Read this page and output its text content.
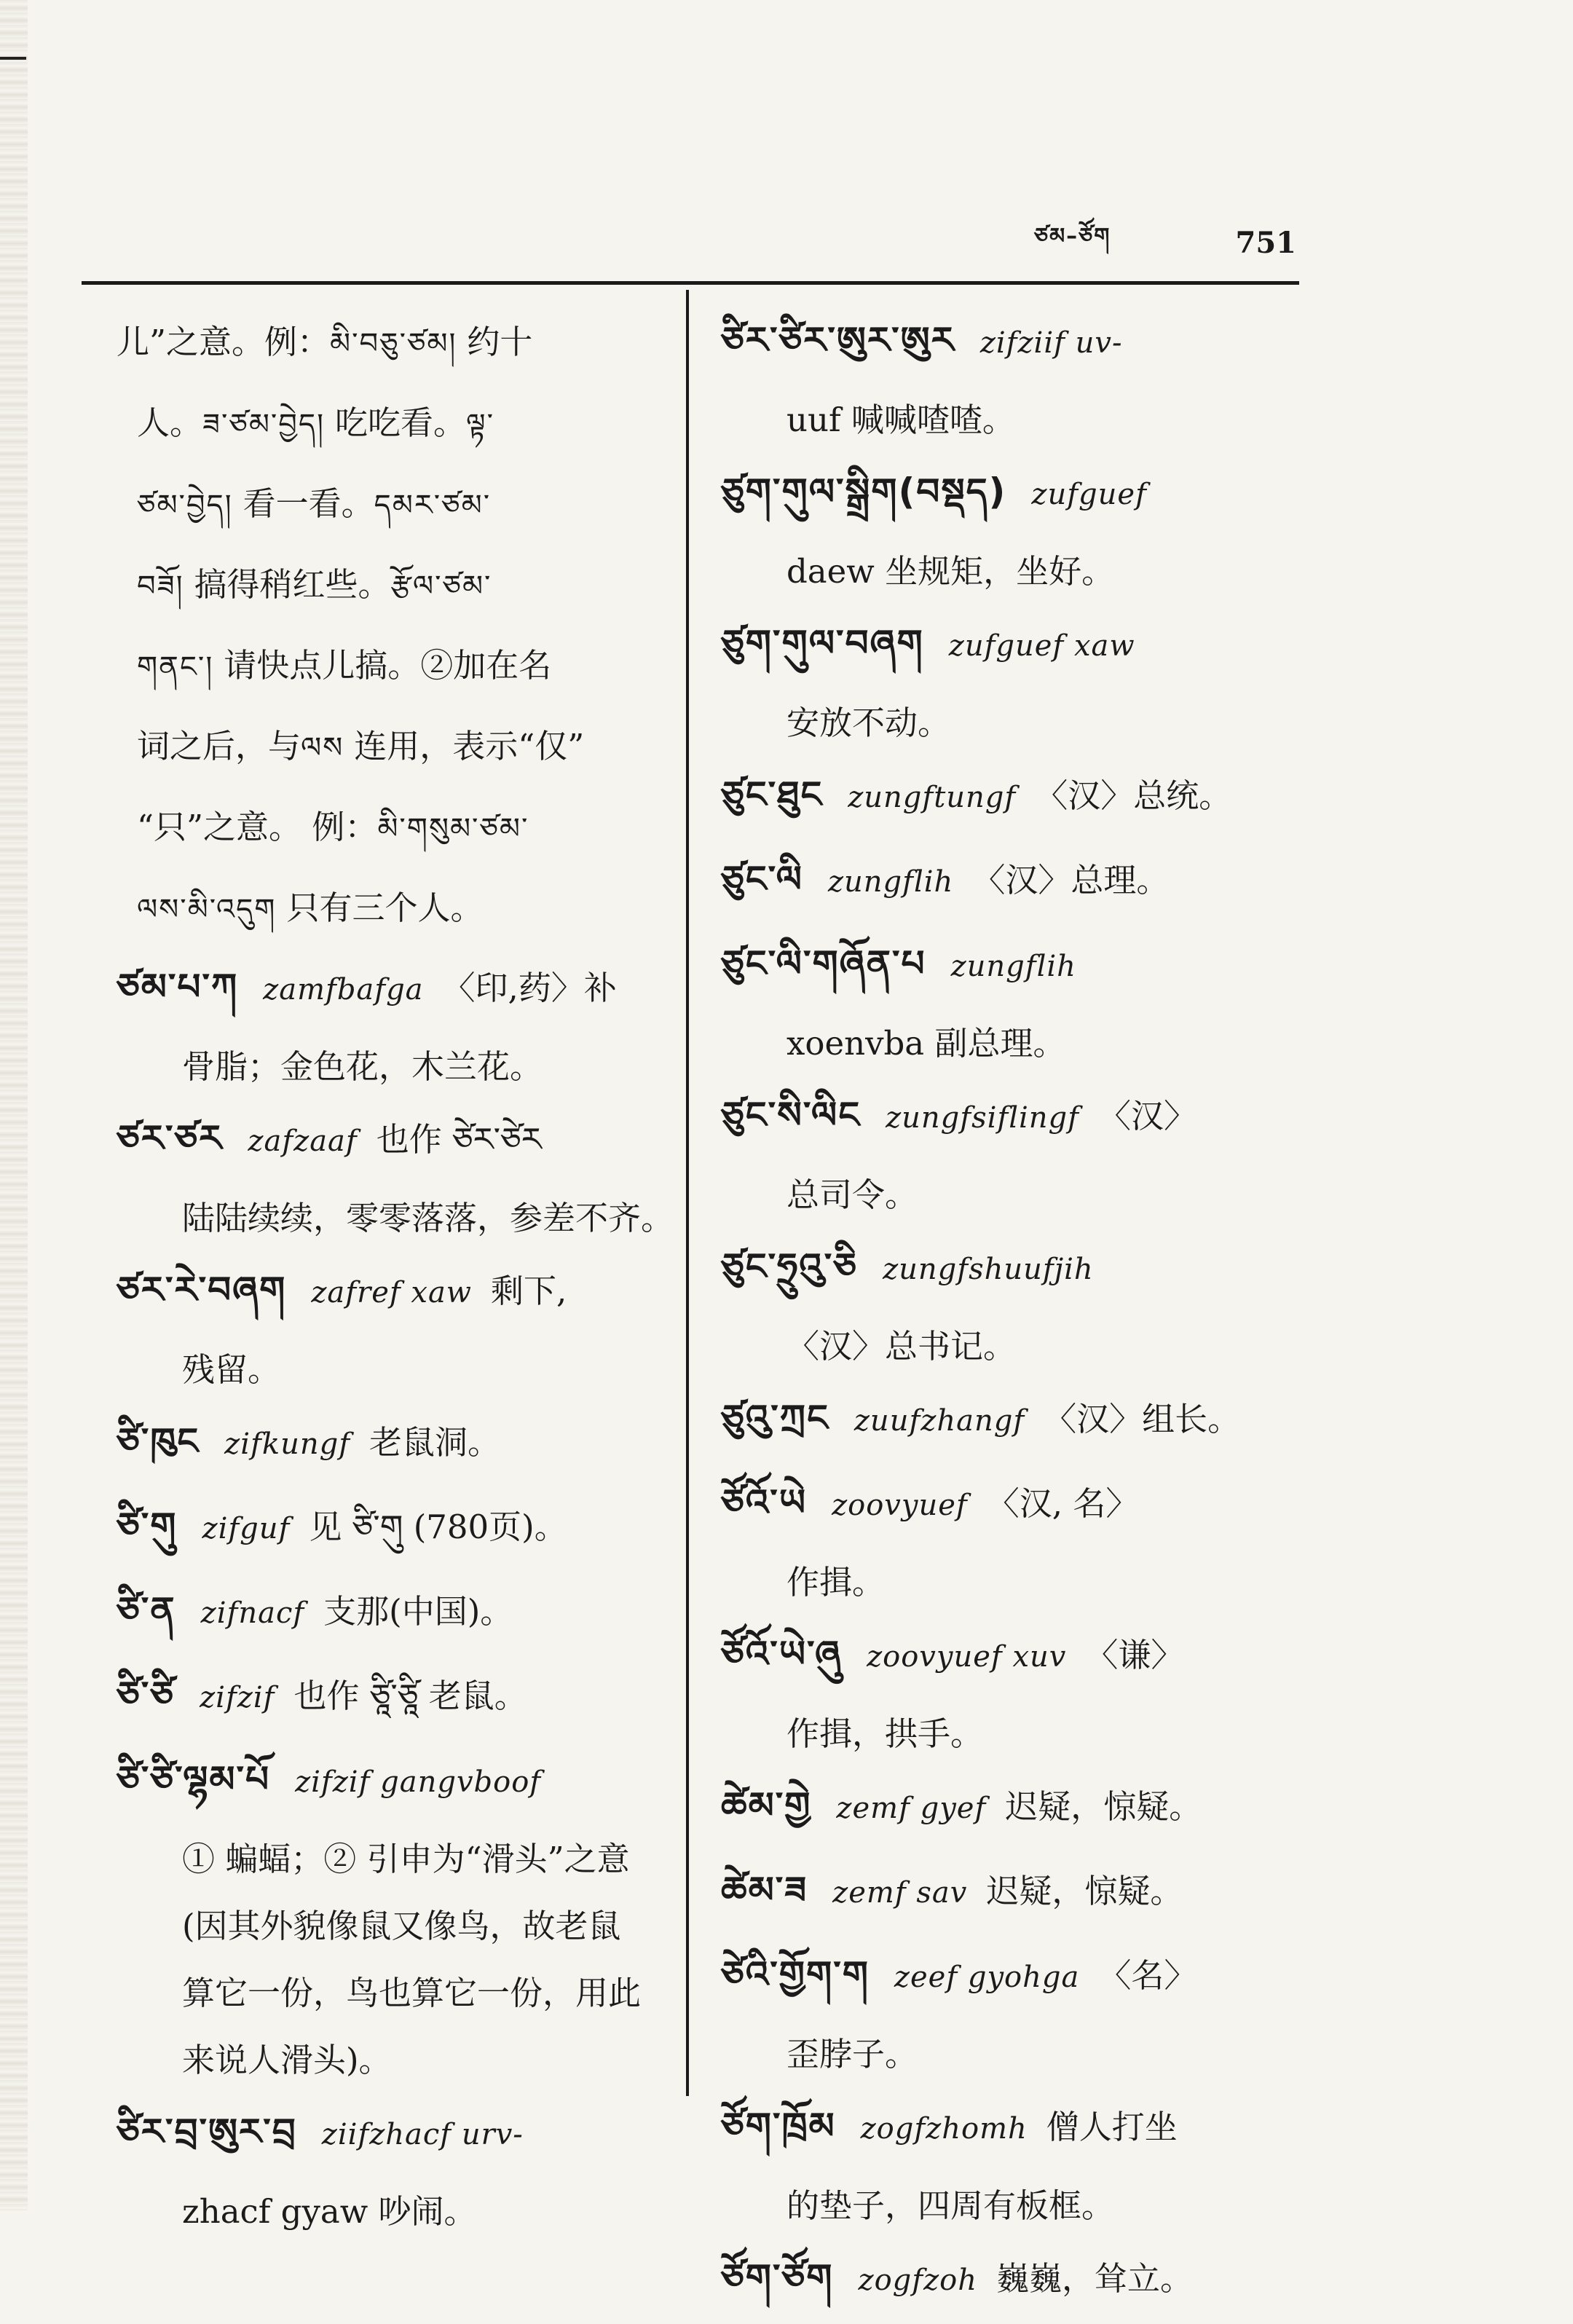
ཙམ–ཙོག	751
儿”之意。例：མི་བཅུ་ཙམ། 约十
人。ཟ་ཙམ་བྱེད། 吃吃看。ལྟ་
ཙམ་བྱེད། 看一看。དམར་ཙམ་
བཟོ། 搞得稍红些。རྩོལ་ཙམ་
གནང་། 请快点儿搞。②加在名
词之后，与ལས 连用，表示“仅”
“只”之意。 例：མི་གསུམ་ཙམ་
ལས་མི་འདུག 只有三个人。
ཙམ་པ་ཀ zamfbafga 〈印,药〉补
骨脂；金色花，木兰花。
ཙར་ཙར zafzaaf 也作 ཙེར་ཙེར
陆陆续续，零零落落，参差不齐。
ཙར་རེ་བཞག zafref xaw 剩下,
残留。
ཙི་ཁུང zifkungf 老鼠洞。
ཙི་གུ zifguf 见 ཙི་གུ (780页)。
ཙི་ན zifnacf 支那(中国)。
ཙི་ཙི zifzif 也作 ཙཱི་ཙཱི 老鼠。
ཙི་ཙི་ལྷམ་པོ zifzif gangvboof
① 蝙蝠；② 引申为“滑头”之意
(因其外貌像鼠又像鸟，故老鼠
算它一份，鸟也算它一份，用此
来说人滑头)。
ཙིར་བྲ་ཨུར་བྲ ziifzhacf urv-
zhacf gyaw 吵闹。
ཙིར་ཙིར་ཨུར་ཨུར zifziif uv-
uuf 喊喊喳喳。
ཙུག་གུལ་སྒྲིག(བསྡད) zufguef
daew 坐规矩，坐好。
ཙུག་གུལ་བཞག zufguef xaw
安放不动。
ཙུང་ཐུང zungftungf 〈汉〉总统。
ཙུང་ལི zungflih 〈汉〉总理。
ཙུང་ལི་གཞོན་པ zungflih
xoenvba 副总理。
ཙུང་སི་ལིང zungfsiflingf 〈汉〉
总司令。
ཙུང་ཧྲུའུ་ཅི zungfshuufjih
〈汉〉总书记。
ཙུའུ་ཀྲང zuufzhangf 〈汉〉组长。
ཙོའོ་ཡེ zoovyuef 〈汉, 名〉
作揖。
ཙོའོ་ཡེ་ཞུ zoovyuef xuv 〈谦〉
作揖，拱手。
ཚེམ་གྱེ zemf gyef 迟疑，惊疑。
ཚེམ་ཟ zemf sav 迟疑，惊疑。
ཙེའི་གྱོག་ག zeef gyohga 〈名〉
歪脖子。
ཙོག་ཁྲོམ zogfzhomh 僧人打坐
的垫子，四周有板框。
ཙོག་ཙོག zogfzoh 巍巍，耸立。
